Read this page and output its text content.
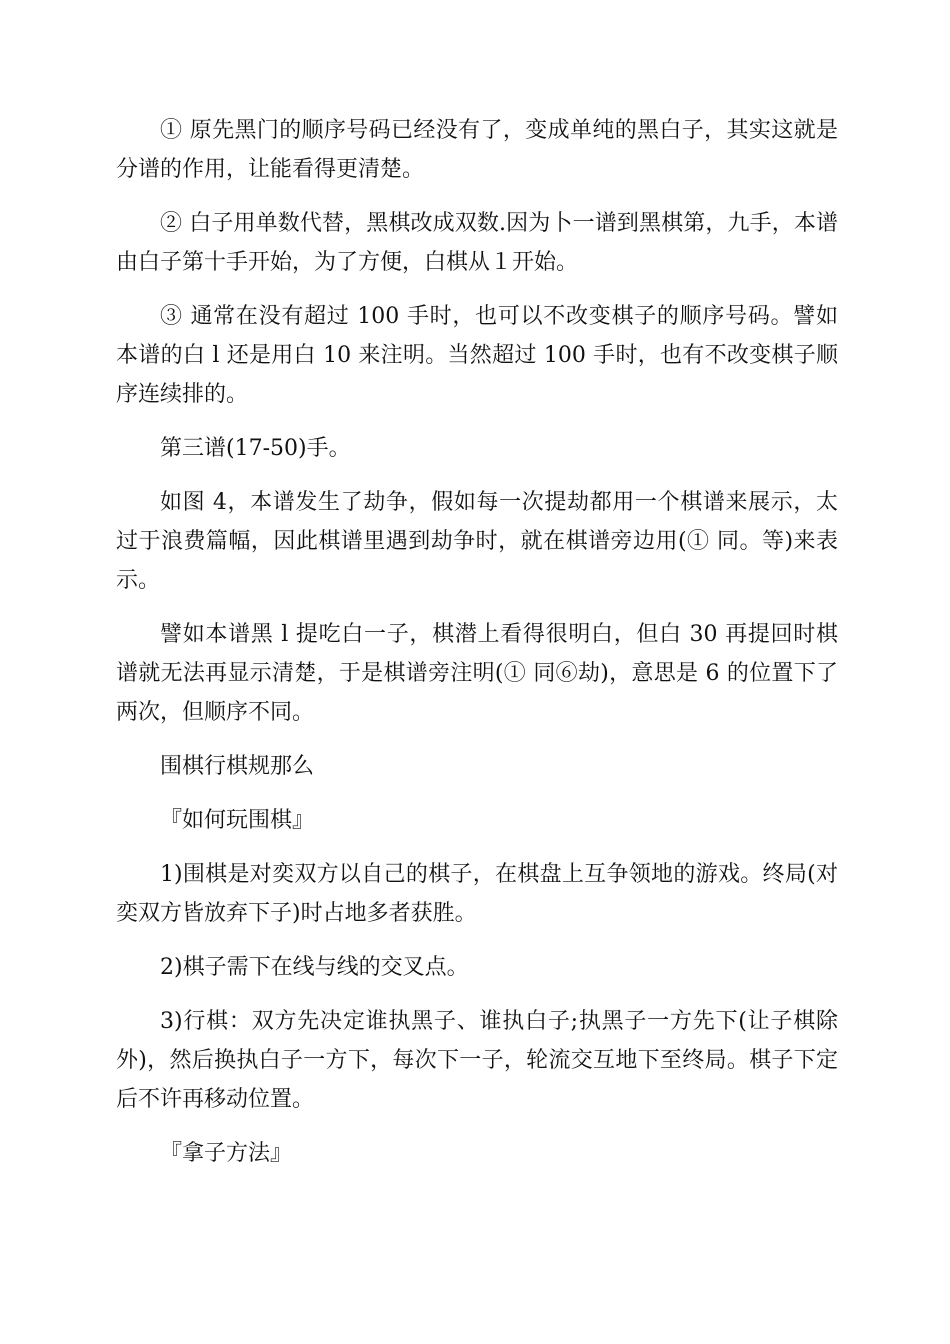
① 原先黑门的顺序号码已经没有了，变成单纯的黑白子，其实这就是分谱的作用，让能看得更清楚。

② 白子用单数代替，黑棋改成双数.因为卜一谱到黑棋第，九手，本谱由白子第十手开始，为了方便，白棋从１开始。

③ 通常在没有超过 100 手时，也可以不改变棋子的顺序号码。譬如本谱的白 l 还是用白 10 来注明。当然超过 100 手时，也有不改变棋子顺序连续排的。

第三谱(17-50)手。

如图 4，本谱发生了劫争，假如每一次提劫都用一个棋谱来展示，太过于浪费篇幅，因此棋谱里遇到劫争时，就在棋谱旁边用(① 同。等)来表示。

譬如本谱黑 l 提吃白一子，棋潜上看得很明白，但白 30 再提回时棋谱就无法再显示清楚，于是棋谱旁注明(① 同⑥劫)，意思是 6 的位置下了两次，但顺序不同。

围棋行棋规那么

『如何玩围棋』

1)围棋是对奕双方以自己的棋子，在棋盘上互争领地的游戏。终局(对奕双方皆放弃下子)时占地多者获胜。

2)棋子需下在线与线的交叉点。

3)行棋：双方先决定谁执黑子、谁执白子;执黑子一方先下(让子棋除外)，然后换执白子一方下，每次下一子，轮流交互地下至终局。棋子下定后不许再移动位置。

『拿子方法』
